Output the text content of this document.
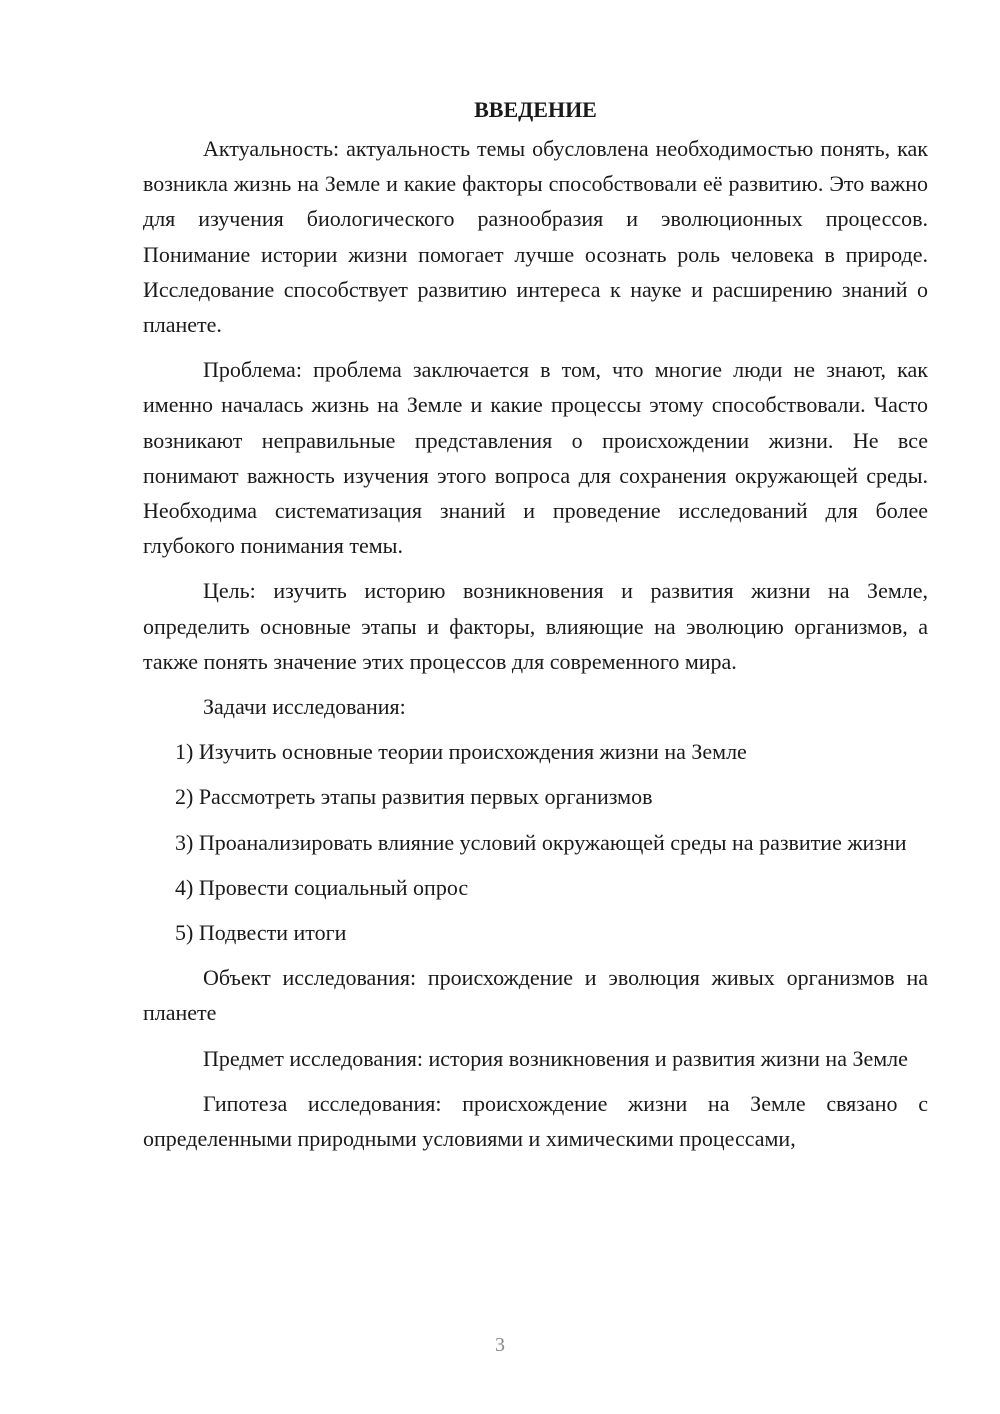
ВВЕДЕНИЕ

Актуальность: актуальность темы обусловлена необходимостью понять, как возникла жизнь на Земле и какие факторы способствовали её развитию. Это важно для изучения биологического разнообразия и эволюционных процессов. Понимание истории жизни помогает лучше осознать роль человека в природе. Исследование способствует развитию интереса к науке и расширению знаний о планете.

Проблема: проблема заключается в том, что многие люди не знают, как именно началась жизнь на Земле и какие процессы этому способствовали. Часто возникают неправильные представления о происхождении жизни. Не все понимают важность изучения этого вопроса для сохранения окружающей среды. Необходима систематизация знаний и проведение исследований для более глубокого понимания темы.

Цель: изучить историю возникновения и развития жизни на Земле, определить основные этапы и факторы, влияющие на эволюцию организмов, а также понять значение этих процессов для современного мира.

Задачи исследования:

1) Изучить основные теории происхождения жизни на Земле

2) Рассмотреть этапы развития первых организмов

3) Проанализировать влияние условий окружающей среды на развитие жизни

4) Провести социальный опрос

5) Подвести итоги

Объект исследования: происхождение и эволюция живых организмов на планете

Предмет исследования: история возникновения и развития жизни на Земле

Гипотеза исследования: происхождение жизни на Земле связано с определенными природными условиями и химическими процессами,

3
